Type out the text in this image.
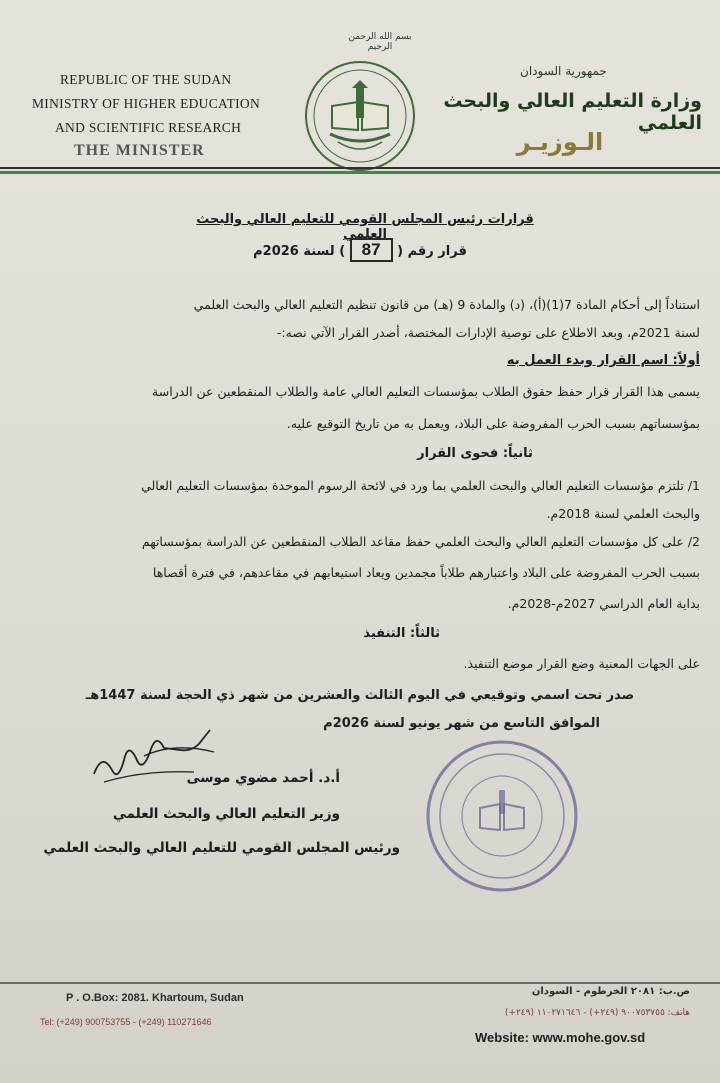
REPUBLIC OF THE SUDAN
MINISTRY OF HIGHER EDUCATION
AND SCIENTIFIC RESEARCH
THE MINISTER
بسم الله الرحمن الرحيم
جمهورية السودان
وزارة التعليم العالي والبحث العلمي
الـوزيـر
قرارات رئيس المجلس القومي للتعليم العالي والبحث العلمي
قرار رقم ( 87 ) لسنة 2026م
استناداً إلى أحكام المادة 7(1)(أ)، (د) والمادة 9 (هـ) من قانون تنظيم التعليم العالي والبحث العلمي
لسنة 2021م، وبعد الاطلاع على توصية الإدارات المختصة، أصدر القرار الآتي نصه:-
أولاً: اسم القرار وبدء العمل به
يسمى هذا القرار قرار حفظ حقوق الطلاب بمؤسسات التعليم العالي عامة والطلاب المنقطعين عن الدراسة
بمؤسساتهم بسبب الحرب المفروضة على البلاد، ويعمل به من تاريخ التوقيع عليه.
ثانياً: فحوى القرار
1/ تلتزم مؤسسات التعليم العالي والبحث العلمي بما ورد في لائحة الرسوم الموحدة بمؤسسات التعليم العالي
والبحث العلمي لسنة 2018م.
2/ على كل مؤسسات التعليم العالي والبحث العلمي حفظ مقاعد الطلاب المنقطعين عن الدراسة بمؤسساتهم
بسبب الحرب المفروضة على البلاد واعتبارهم طلاباً مجمدين ويعاد استيعابهم في مقاعدهم، في فترة أقصاها
بداية العام الدراسي 2027م-2028م.
ثالثاً: التنفيذ
على الجهات المعنية وضع القرار موضع التنفيذ.
صدر تحت اسمي وتوقيعي في اليوم الثالث والعشرين من شهر ذي الحجة لسنة 1447هـ
الموافق التاسع من شهر يونيو لسنة 2026م
أ.د. أحمد مضوي موسى
وزير التعليم العالي والبحث العلمي
ورئيس المجلس القومي للتعليم العالي والبحث العلمي
P . O.Box: 2081. Khartoum, Sudan
Tel: (+249) 900753755 - (+249) 110271646
ص.ب: ٢٠٨١ الخرطوم - السودان
هاتف: ٩٠٠٧٥٣٧٥٥ (٢٤٩+) - ١١٠٢٧١٦٤٦ (٢٤٩+)
Website: www.mohe.gov.sd
